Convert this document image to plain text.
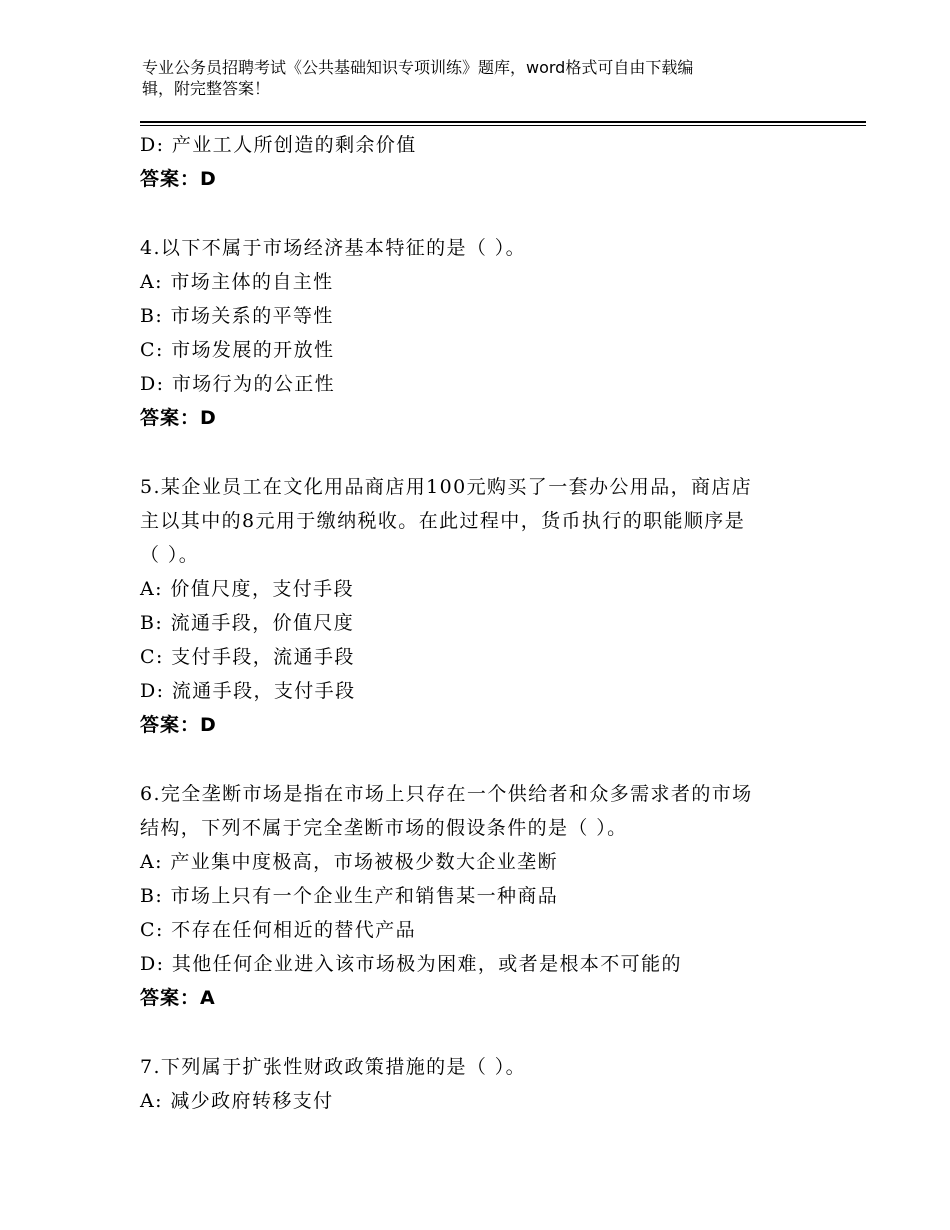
专业公务员招聘考试《公共基础知识专项训练》题库，word格式可自由下载编
辑，附完整答案！
D: 产业工人所创造的剩余价值
答案：D
4.以下不属于市场经济基本特征的是（ ）。
A: 市场主体的自主性
B: 市场关系的平等性
C: 市场发展的开放性
D: 市场行为的公正性
答案：D
5.某企业员工在文化用品商店用100元购买了一套办公用品，商店店
主以其中的8元用于缴纳税收。在此过程中，货币执行的职能顺序是
（ ）。
A: 价值尺度，支付手段
B: 流通手段，价值尺度
C: 支付手段，流通手段
D: 流通手段，支付手段
答案：D
6.完全垄断市场是指在市场上只存在一个供给者和众多需求者的市场
结构，下列不属于完全垄断市场的假设条件的是（ ）。
A: 产业集中度极高，市场被极少数大企业垄断
B: 市场上只有一个企业生产和销售某一种商品
C: 不存在任何相近的替代产品
D: 其他任何企业进入该市场极为困难，或者是根本不可能的
答案：A
7.下列属于扩张性财政政策措施的是（ ）。
A: 减少政府转移支付
